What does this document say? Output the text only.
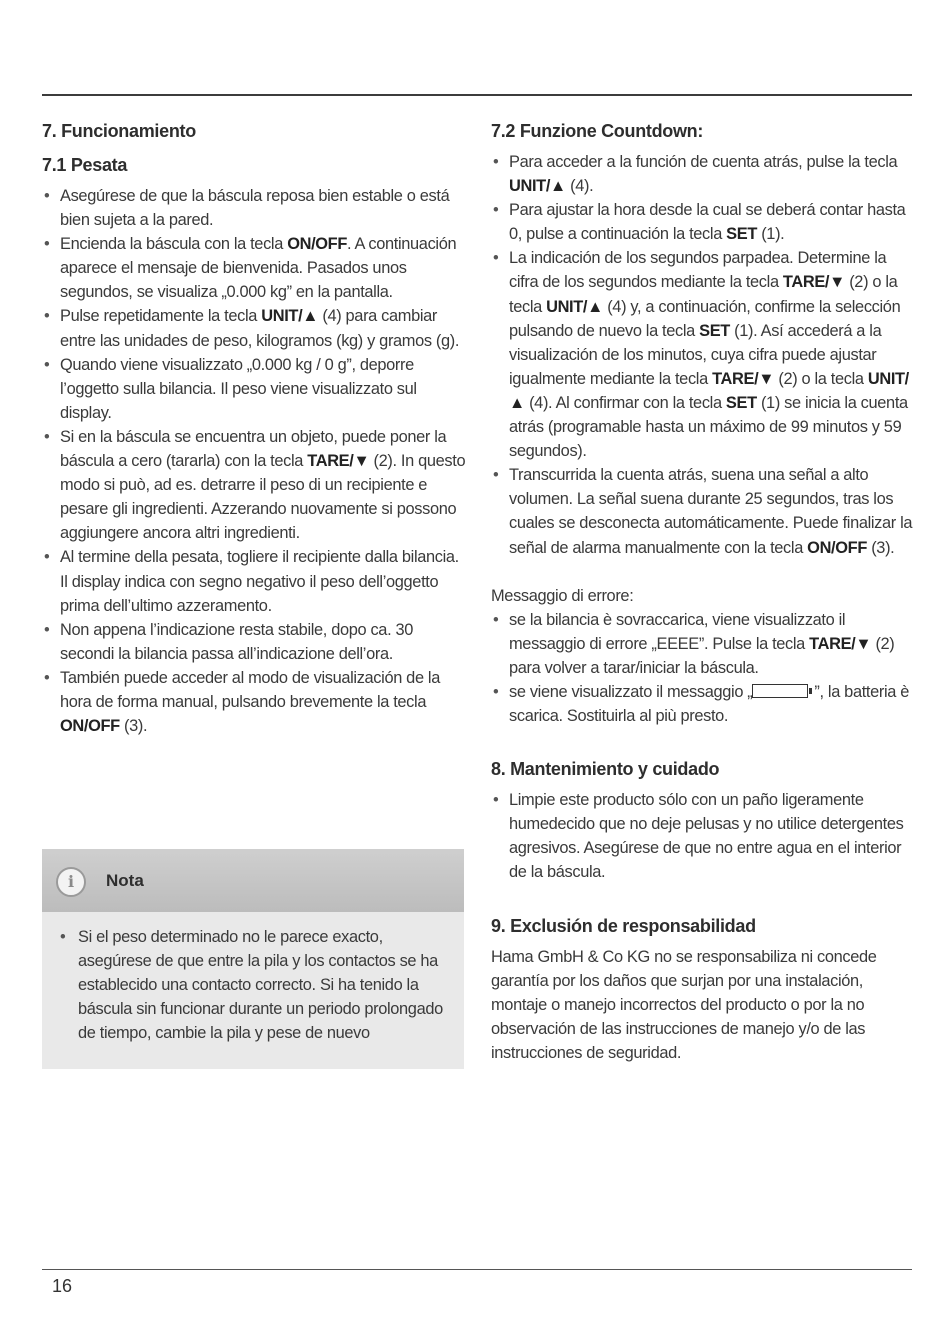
7. Funcionamiento
7.1 Pesata
• Asegúrese de que la báscula reposa bien estable o está bien sujeta a la pared.
• Encienda la báscula con la tecla ON/OFF. A continuación aparece el mensaje de bienvenida. Pasados unos segundos, se visualiza „0.000 kg” en la pantalla.
• Pulse repetidamente la tecla UNIT/▲ (4) para cambiar entre las unidades de peso, kilogramos (kg) y gramos (g).
• Quando viene visualizzato „0.000 kg / 0 g”, deporre l’oggetto sulla bilancia. Il peso viene visualizzato sul display.
• Si en la báscula se encuentra un objeto, puede poner la báscula a cero (tararla) con la tecla TARE/▼ (2). In questo modo si può, ad es. detrarre il peso di un recipiente e pesare gli ingredienti. Azzerando nuovamente si possono aggiungere ancora altri ingredienti.
• Al termine della pesata, togliere il recipiente dalla bilancia. Il display indica con segno negativo il peso dell’oggetto prima dell’ultimo azzeramento.
• Non appena l’indicazione resta stabile, dopo ca. 30 secondi la bilancia passa all’indicazione dell’ora.
• También puede acceder al modo de visualización de la hora de forma manual, pulsando brevemente la tecla ON/OFF (3).
i	Nota
• Si el peso determinado no le parece exacto, asegúrese de que entre la pila y los contactos se ha establecido una contacto correcto. Si ha tenido la báscula sin funcionar durante un periodo prolongado de tiempo, cambie la pila y pese de nuevo
7.2 Funzione Countdown:
• Para acceder a la función de cuenta atrás, pulse la tecla UNIT/▲ (4).
• Para ajustar la hora desde la cual se deberá contar hasta 0, pulse a continuación la tecla SET (1).
• La indicación de los segundos parpadea. Determine la cifra de los segundos mediante la tecla TARE/▼ (2) o la tecla UNIT/▲ (4) y, a continuación, confirme la selección pulsando de nuevo la tecla SET (1). Así accederá a la visualización de los minutos, cuya cifra puede ajustar igualmente mediante la tecla TARE/▼ (2) o la tecla UNIT/▲ (4). Al confirmar con la tecla SET (1) se inicia la cuenta atrás (programable hasta un máximo de 99 minutos y 59 segundos).
• Transcurrida la cuenta atrás, suena una señal a alto volumen. La señal suena durante 25 segundos, tras los cuales se desconecta automáticamente. Puede finalizar la señal de alarma manualmente con la tecla ON/OFF (3).

Messaggio di errore:

• se la bilancia è sovraccarica, viene visualizzato il messaggio di errore „EEEE”. Pulse la tecla TARE/▼ (2) para volver a tarar/iniciar la báscula.
• se viene visualizzato il messaggio „	”, la batteria è scarica. Sostituirla al più presto.
8. Mantenimiento y cuidado
• Limpie este producto sólo con un paño ligeramente humedecido que no deje pelusas y no utilice detergentes agresivos. Asegúrese de que no entre agua en el interior de la báscula.
9. Exclusión de responsabilidad

Hama GmbH & Co KG no se responsabiliza ni concede garantía por los daños que surjan por una instalación, montaje o manejo incorrectos del producto o por la no observación de las instrucciones de manejo y/o de las instrucciones de seguridad.

16
